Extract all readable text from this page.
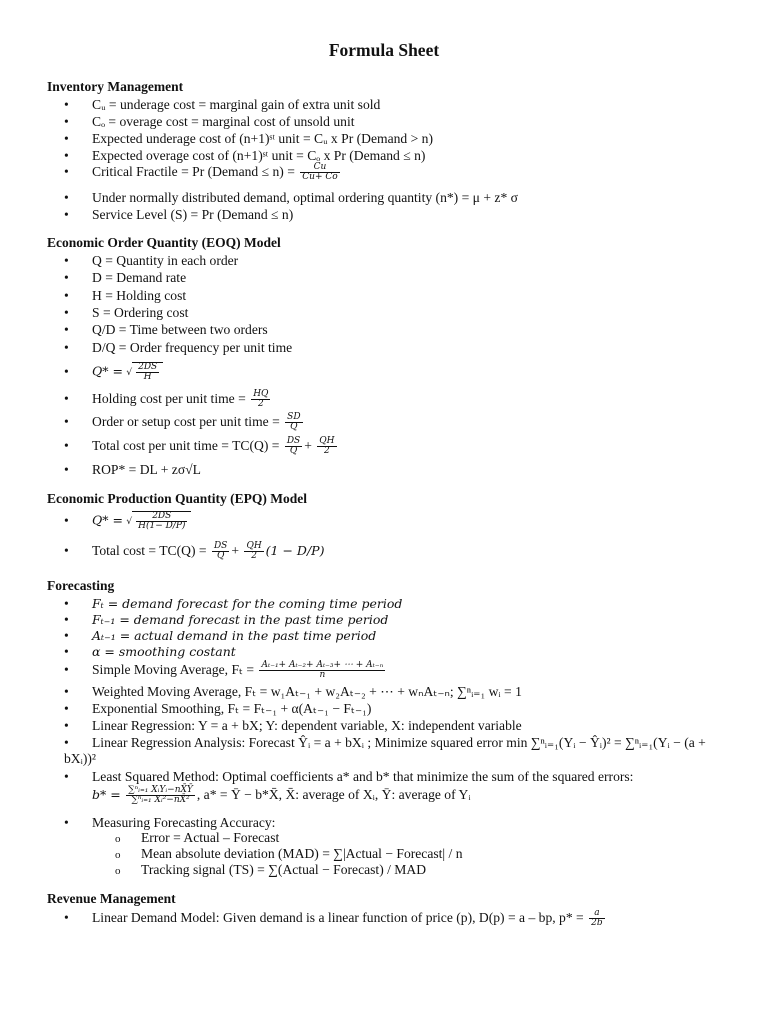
Formula Sheet
Inventory Management
• Cᵤ = underage cost = marginal gain of extra unit sold
• Cₒ = overage cost = marginal cost of unsold unit
• Expected underage cost of (n+1)ˢᵗ unit = Cᵤ x Pr (Demand > n)
• Expected overage cost of (n+1)ˢᵗ unit = Cₒ x Pr (Demand ≤ n)
• Critical Fractile = Pr (Demand ≤ $n) = \frac{Cu}{Cu+ Co}$
• Under normally distributed demand, optimal ordering quantity (n*) = μ + z* σ
• Service Level (S) = Pr (Demand ≤ n)
Economic Order Quantity (EOQ) Model
• Q = Quantity in each order
• D = Demand rate
• H = Holding cost
• S = Ordering cost
• Q/D = Time between two orders
• D/Q = Order frequency per unit time
• Q* = √ $\frac{2DS}{H}$
• Holding cost per unit time = $\frac{HQ}{2}$
• Order or setup cost per unit time = $\frac{SD}{Q}$
• Total cost per unit time = $TC(Q) = \frac{DS}{Q} + \frac{QH}{2}$
• ROP* = DL + zσ√L
Economic Production Quantity (EPQ) Model
• Q* = √ $\frac{2DS}{H(1- D/P)}$
• Total $\cos t = TC(Q) = \frac{DS}{Q} + \frac{QH}{2} (1 - D/P)$
Forecasting
• Fₜ = demand forecast for the coming time period
• Fₜ₋₁ = demand forecast in the past time period
• Aₜ₋₁ = actual demand in the past time period
• α = smoothing costant
• Simple Moving Average, $F_t = \frac{\text{Aₜ₋₁+ Aₜ₋₂+ Aₜ₋₃+ ⋯ + Aₜ₋ₙ}}{n}$
• Weighted Moving Average, Fₜ = w₁Aₜ₋₁ + w₂Aₜ₋₂ + ⋯ + wₙAₜ₋ₙ; ∑ⁿᵢ₌₁ wᵢ = 1
• Exponential Smoothing, Fₜ = Fₜ₋₁ + α(Aₜ₋₁ − Fₜ₋₁)
• Linear Regression: Y = a + bX; Y: dependent variable, X: independent variable
• Linear Regression Analysis: Forecast Ŷᵢ = a + bXᵢ ; Minimize squared error min ∑ⁿᵢ₌₁(Yᵢ − Ŷᵢ)² = ∑ⁿᵢ₌₁(Yᵢ − (a + bXᵢ))²
• Least Squared Method: Optimal coefficients a* and b* that minimize the sum of the squared errors:
$b* = \frac{\text{∑ⁿᵢ₌₁ XᵢYᵢ−nX̄Ȳ}}{\text{∑ⁿᵢ₌₁ Xᵢ²−nX̄²}}$ , a* = Ȳ − b*X̄, X̄: average of Xᵢ, Ȳ: average of Yᵢ
• Measuring Forecasting Accuracy:
o Error = Actual – Forecast
o Mean absolute deviation (MAD) = ∑|Actual − Forecast| / n
o Tracking signal (TS) = ∑(Actual − Forecast) / MAD
Revenue Management
• Linear Demand Model: Given demand is a linear function of price (p), D(p) = a – bp, $p* = \frac{a}{2b}$
